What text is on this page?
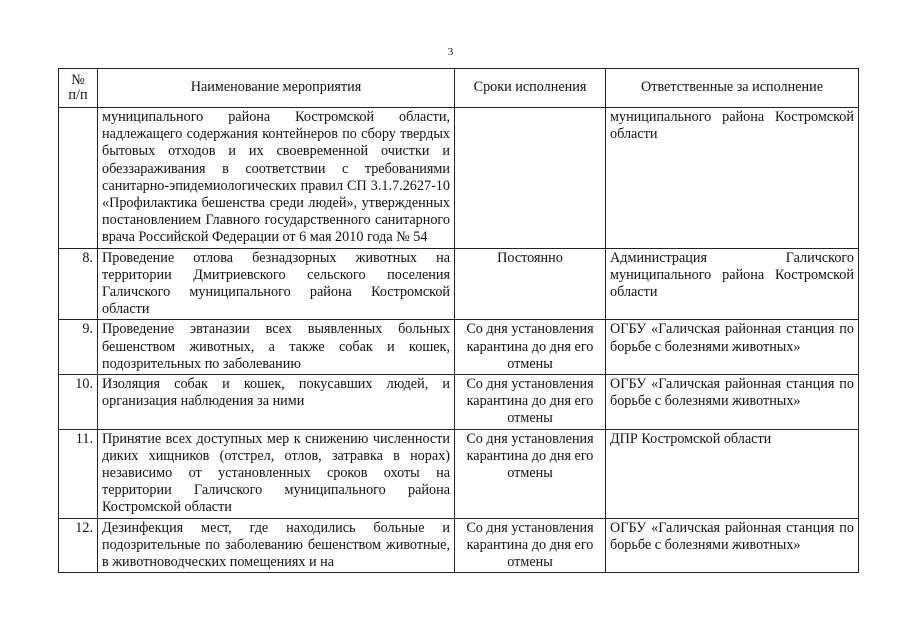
3
№
п/п	Наименование мероприятия	Сроки исполнения	Ответственные за исполнение
	муниципального района Костромской области, надлежащего содержания контейнеров по сбору твердых бытовых отходов и их своевременной очистки и обеззараживания в соответствии с требованиями санитарно-эпидемиологических правил СП 3.1.7.2627-10 «Профилактика бешенства среди людей», утвержденных постановлением Главного государственного санитарного врача Российской Федерации от 6 мая 2010 года № 54		муниципального района Костромской области
8.	Проведение отлова безнадзорных животных на территории Дмитриевского сельского поселения Галичского муниципального района Костромской области	Постоянно	Администрация Галичского муниципального района Костромской области
9.	Проведение эвтаназии всех выявленных больных бешенством животных, а также собак и кошек, подозрительных по заболеванию	Со дня установления карантина до дня его отмены	ОГБУ «Галичская районная станция по борьбе с болезнями животных»
10.	Изоляция собак и кошек, покусавших людей, и организация наблюдения за ними	Со дня установления карантина до дня его отмены	ОГБУ «Галичская районная станция по борьбе с болезнями животных»
11.	Принятие всех доступных мер к снижению численности диких хищников (отстрел, отлов, затравка в норах) независимо от установленных сроков охоты на территории Галичского муниципального района Костромской области	Со дня установления карантина до дня его отмены	ДПР Костромской области
12.	Дезинфекция мест, где находились больные и подозрительные по заболеванию бешенством животные, в животноводческих помещениях и на	Со дня установления карантина до дня его отмены	ОГБУ «Галичская районная станция по борьбе с болезнями животных»
